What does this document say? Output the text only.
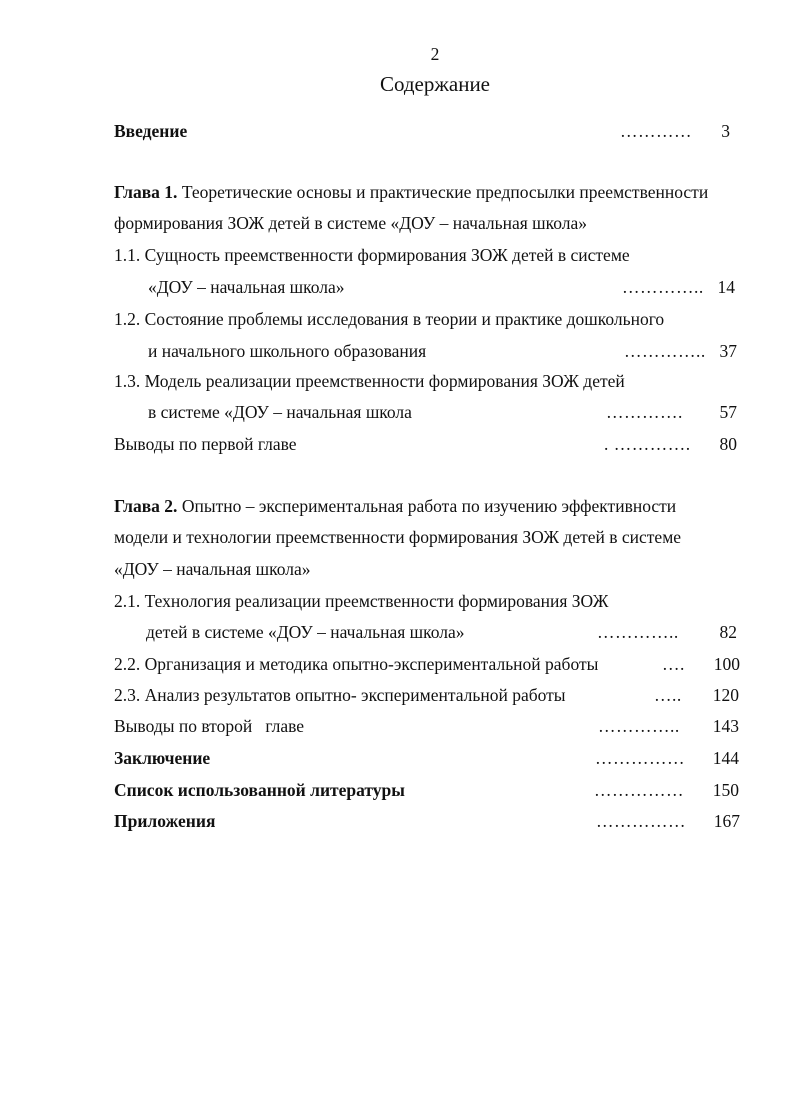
2
Содержание
Введение	…………	3
Глава 1. Теоретические основы и практические предпосылки преемственности
формирования ЗОЖ детей в системе «ДОУ – начальная школа»
1.1. Сущность преемственности формирования ЗОЖ детей в системе
«ДОУ – начальная школа»	………….. 14
1.2. Состояние проблемы исследования в теории и практике дошкольного
и начального школьного образования	………….. 37
1.3. Модель реализации преемственности формирования ЗОЖ детей
в системе «ДОУ – начальная школа	………….	57
Выводы по первой главе	. ………….	80
Глава 2. Опытно – экспериментальная работа по изучению эффективности
модели и технологии преемственности формирования ЗОЖ детей в системе
«ДОУ – начальная школа»
2.1. Технология реализации преемственности формирования ЗОЖ
детей в системе «ДОУ – начальная школа»	…………..	82
2.2. Организация и методика опытно-экспериментальной работы	….	100
2.3. Анализ результатов опытно- экспериментальной работы	…..	120
Выводы по второй   главе	…………..	143
Заключение	……………	144
Список использованной литературы	……………	150
Приложения	……………	167
